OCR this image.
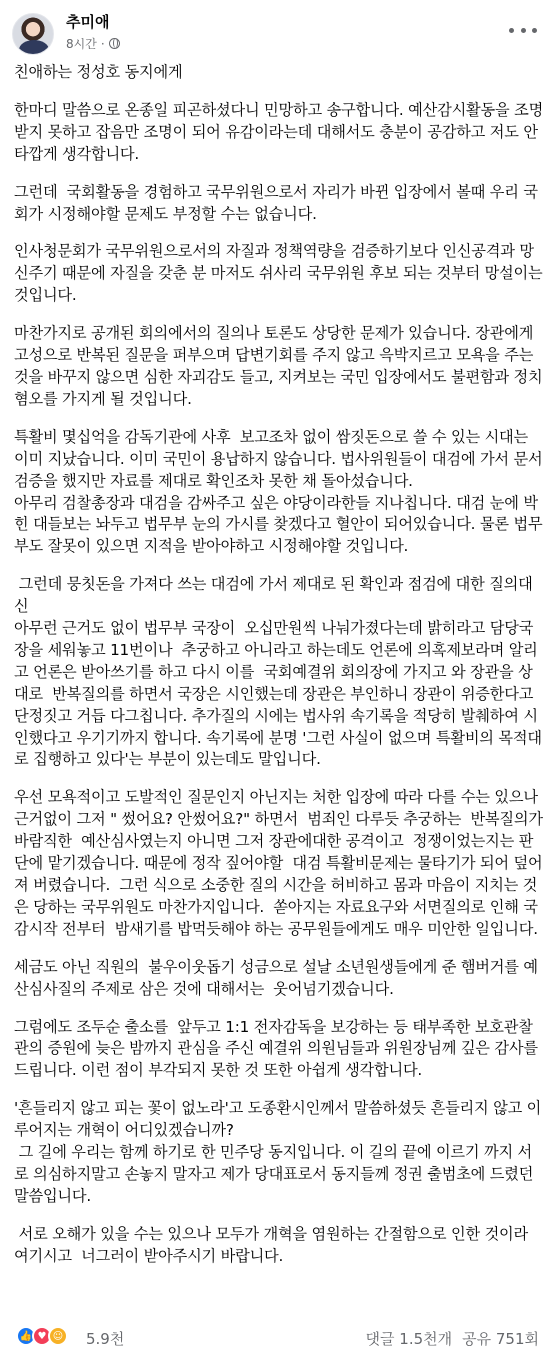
추미애
8시간 ·

친애하는 정성호 동지에게

한마디 말씀으로 온종일 피곤하셨다니 민망하고 송구합니다. 예산감시활동을 조명받지 못하고 잡음만 조명이 되어 유감이라는데 대해서도 충분이 공감하고 저도 안타깝게 생각합니다.

그런데  국회활동을 경험하고 국무위원으로서 자리가 바뀐 입장에서 볼때 우리 국회가 시정해야할 문제도 부정할 수는 없습니다.

인사청문회가 국무위원으로서의 자질과 정책역량을 검증하기보다 인신공격과 망신주기 때문에 자질을 갖춘 분 마저도 쉬사리 국무위원 후보 되는 것부터 망설이는 것입니다.

마찬가지로 공개된 회의에서의 질의나 토론도 상당한 문제가 있습니다. 장관에게 고성으로 반복된 질문을 퍼부으며 답변기회를 주지 않고 윽박지르고 모욕을 주는 것을 바꾸지 않으면 심한 자괴감도 들고, 지켜보는 국민 입장에서도 불편함과 정치혐오를 가지게 될 것입니다.

특활비 몇십억을 감독기관에 사후  보고조차 없이 쌈짓돈으로 쓸 수 있는 시대는 이미 지났습니다. 이미 국민이 용납하지 않습니다. 법사위원들이 대검에 가서 문서검증을 했지만 자료를 제대로 확인조차 못한 채 돌아섰습니다.
아무리 검찰총장과 대검을 감싸주고 싶은 야당이라한들 지나칩니다. 대검 눈에 박힌 대들보는 놔두고 법무부 눈의 가시를 찾겠다고 혈안이 되어있습니다. 물론 법무부도 잘못이 있으면 지적을 받아야하고 시정해야할 것입니다.

그런데 뭉칫돈을 가져다 쓰는 대검에 가서 제대로 된 확인과 점검에 대한 질의대신
아무런 근거도 없이 법무부 국장이  오십만원씩 나눠가졌다는데 밝히라고 담당국장을 세워놓고 11번이나  추궁하고 아니라고 하는데도 언론에 의혹제보라며 알리고 언론은 받아쓰기를 하고 다시 이를  국회예결위 회의장에 가지고 와 장관을 상대로  반복질의를 하면서 국장은 시인했는데 장관은 부인하니 장관이 위증한다고 단정짓고 거듭 다그칩니다. 추가질의 시에는 법사위 속기록을 적당히 발췌하여 시인했다고 우기기까지 합니다. 속기록에 분명 '그런 사실이 없으며 특활비의 목적대로 집행하고 있다'는 부분이 있는데도 말입니다.

우선 모욕적이고 도발적인 질문인지 아닌지는 처한 입장에 따라 다를 수는 있으나 근거없이 그저 " 썼어요? 안썼어요?" 하면서  범죄인 다루듯 추궁하는  반복질의가  바람직한  예산심사였는지 아니면 그저 장관에대한 공격이고  정쟁이었는지는 판단에 맡기겠습니다. 때문에 정작 짚어야할  대검 특활비문제는 물타기가 되어 덮어져 버렸습니다.  그런 식으로 소중한 질의 시간을 허비하고 몸과 마음이 지치는 것은 당하는 국무위원도 마찬가지입니다.  쏟아지는 자료요구와 서면질의로 인해 국감시작 전부터  밤새기를 밥먹듯해야 하는 공무원들에게도 매우 미안한 일입니다.

세금도 아닌 직원의  불우이웃돕기 성금으로 설날 소년원생들에게 준 햄버거를 예산심사질의 주제로 삼은 것에 대해서는  웃어넘기겠습니다.

그럼에도 조두순 출소를  앞두고 1:1 전자감독을 보강하는 등 태부족한 보호관찰관의 증원에 늦은 밤까지 관심을 주신 예결위 의원님들과 위원장님께 깊은 감사를 드립니다. 이런 점이 부각되지 못한 것 또한 아쉽게 생각합니다.

'흔들리지 않고 피는 꽃이 없노라'고 도종환시인께서 말씀하셨듯 흔들리지 않고 이루어지는 개혁이 어디있겠습니까?
그 길에 우리는 함께 하기로 한 민주당 동지입니다. 이 길의 끝에 이르기 까지 서로 의심하지말고 손놓지 말자고 제가 당대표로서 동지들께 정권 출범초에 드렸던 말씀입니다.

서로 오해가 있을 수는 있으나 모두가 개혁을 염원하는 간절함으로 인한 것이라 여기시고  너그러이 받아주시기 바랍니다.

👍 ♥ ☺	5.9천	댓글 1.5천개 공유 751회
